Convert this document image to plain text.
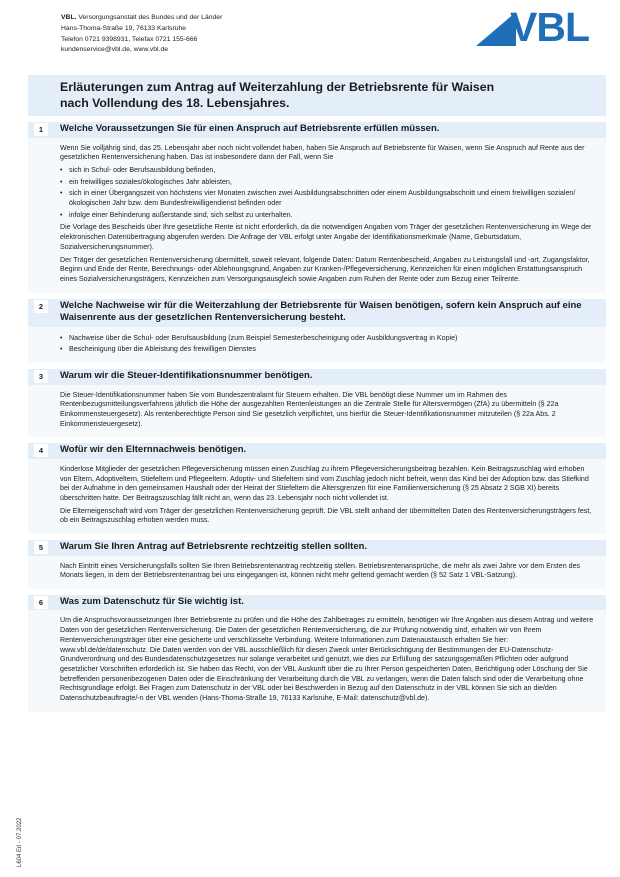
VBL. Versorgungsanstalt des Bundes und der Länder
Hans-Thoma-Straße 19, 76133 Karlsruhe
Telefon 0721 9398931, Telefax 0721 155-666
kundenservice@vbl.de, www.vbl.de	VBL
Erläuterungen zum Antrag auf Weiterzahlung der Betriebsrente für Waisen
nach Vollendung des 18. Lebensjahres.
1	Welche Voraussetzungen Sie für einen Anspruch auf Betriebsrente erfüllen müssen.

Wenn Sie volljährig sind, das 25. Lebensjahr aber noch nicht vollendet haben, haben Sie Anspruch auf Betriebsrente für Waisen, wenn Sie Anspruch auf Rente aus der gesetzlichen Rentenversicherung haben. Das ist insbesondere dann der Fall, wenn Sie

• sich in Schul- oder Berufsausbildung befinden,
• ein freiwilliges soziales/ökologisches Jahr ableisten,
• sich in einer Übergangszeit von höchstens vier Monaten zwischen zwei Ausbildungsabschnitten oder einem Ausbildungsabschnitt und einem freiwilligen sozialen/ökologischen Jahr bzw. dem Bundesfreiwilligendienst befinden oder
• infolge einer Behinderung außerstande sind, sich selbst zu unterhalten.

Die Vorlage des Bescheids über Ihre gesetzliche Rente ist nicht erforderlich, da die notwendigen Angaben vom Träger der gesetzlichen Rentenversicherung im Wege der elektronischen Datenübertragung abgerufen werden. Die Anfrage der VBL erfolgt unter Angabe der Identifikationsmerkmale (Name, Geburtsdatum, Sozialversicherungsnummer).

Der Träger der gesetzlichen Rentenversicherung übermittelt, soweit relevant, folgende Daten: Datum Rentenbescheid, Angaben zu Leistungsfall und -art, Zugangsfaktor, Beginn und Ende der Rente, Berechnungs- oder Ablehnungsgrund, Angaben zur Kranken-/Pflegeversicherung, Kennzeichen für einen möglichen Erstattungsanspruch eines Sozialversicherungsträgers, Kennzeichen zum Versorgungsausgleich sowie Angaben zum Ruhen der Rente oder zum Bezug einer Teilrente.

2	Welche Nachweise wir für die Weiterzahlung der Betriebsrente für Waisen benötigen, sofern kein Anspruch auf eine Waisenrente aus der gesetzlichen Rentenversicherung besteht.
• Nachweise über die Schul- oder Berufsausbildung (zum Beispiel Semesterbescheinigung oder Ausbildungsvertrag in Kopie)
• Bescheinigung über die Ableistung des freiwilligen Dienstes
3	Warum wir die Steuer-Identifikationsnummer benötigen.

Die Steuer-Identifikationsnummer haben Sie vom Bundeszentralamt für Steuern erhalten. Die VBL benötigt diese Nummer um im Rahmen des Rentenbezugsmitteilungsverfahrens jährlich die Höhe der ausgezahlten Rentenleistungen an die Zentrale Stelle für Altersvermögen (ZfA) zu übermitteln (§ 22a Einkommensteuergesetz). Als rentenberechtigte Person sind Sie gesetzlich verpflichtet, uns hierfür die Steuer-Identifikationsnummer mitzuteilen (§ 22a Abs. 2 Einkommensteuergesetz).

4	Wofür wir den Elternnachweis benötigen.

Kinderlose Mitglieder der gesetzlichen Pflegeversicherung müssen einen Zuschlag zu ihrem Pflegeversicherungsbeitrag bezahlen. Kein Beitragszuschlag wird erhoben von Eltern, Adoptiveltern, Stiefeltern und Pflegeeltern. Adoptiv- und Stiefeltern sind vom Zuschlag jedoch nicht befreit, wenn das Kind bei der Adoption bzw. das Stiefkind bei der Aufnahme in den gemeinsamen Haushalt oder der Heirat der Stiefeltern die Altersgrenzen für eine Familienversicherung (§ 25 Absatz 2 SGB XI) bereits überschritten hatte. Der Beitragszuschlag fällt nicht an, wenn das 23. Lebensjahr noch nicht vollendet ist.

Die Elterneigenschaft wird vom Träger der gesetzlichen Rentenversicherung geprüft. Die VBL stellt anhand der übermittelten Daten des Rentenversicherungsträgers fest, ob ein Beitragszuschlag erhoben werden muss.

5	Warum Sie Ihren Antrag auf Betriebsrente rechtzeitig stellen sollten.

Nach Eintritt eines Versicherungsfalls sollten Sie Ihren Betriebsrentenantrag rechtzeitig stellen. Betriebsrentenansprüche, die mehr als zwei Jahre vor dem Ersten des Monats liegen, in dem der Betriebsrentenantrag bei uns eingegangen ist, können nicht mehr geltend gemacht werden (§ 52 Satz 1 VBL-Satzung).

6	Was zum Datenschutz für Sie wichtig ist.

Um die Anspruchsvoraussetzungen Ihrer Betriebsrente zu prüfen und die Höhe des Zahlbetrages zu ermitteln, benötigen wir Ihre Angaben aus diesem Antrag und weitere Daten von der gesetzlichen Rentenversicherung. Die Daten der gesetzlichen Rentenversicherung, die zur Prüfung notwendig sind, erhalten wir von Ihrem Rentenversicherungsträger über eine gesicherte und verschlüsselte Verbindung. Weitere Informationen zum Datenaustausch erhalten Sie hier: www.vbl.de/de/datenschutz. Die Daten werden von der VBL ausschließlich für diesen Zweck unter Berücksichtigung der Bestimmungen der EU-Datenschutz-Grundverordnung und des Bundesdatenschutzgesetzes nur solange verarbeitet und genutzt, wie dies zur Erfüllung der satzungsgemäßen Pflichten oder aufgrund gesetzlicher Vorschriften erforderlich ist. Sie haben das Recht, von der VBL Auskunft über die zu Ihrer Person gespeicherten Daten, Berichtigung oder Löschung der Sie betreffenden personenbezogenen Daten oder die Einschränkung der Verarbeitung durch die VBL zu verlangen, wenn die Daten falsch sind oder die Verarbeitung ohne Rechtsgrundlage erfolgt. Bei Fragen zum Datenschutz in der VBL oder bei Beschwerden in Bezug auf den Datenschutz in der VBL können Sie sich an die/den Datenschutzbeauftragte/-n der VBL wenden (Hans-Thoma-Straße 19, 76133 Karlsruhe, E-Mail: datenschutz@vbl.de).

L604 Erl - 07.2022
